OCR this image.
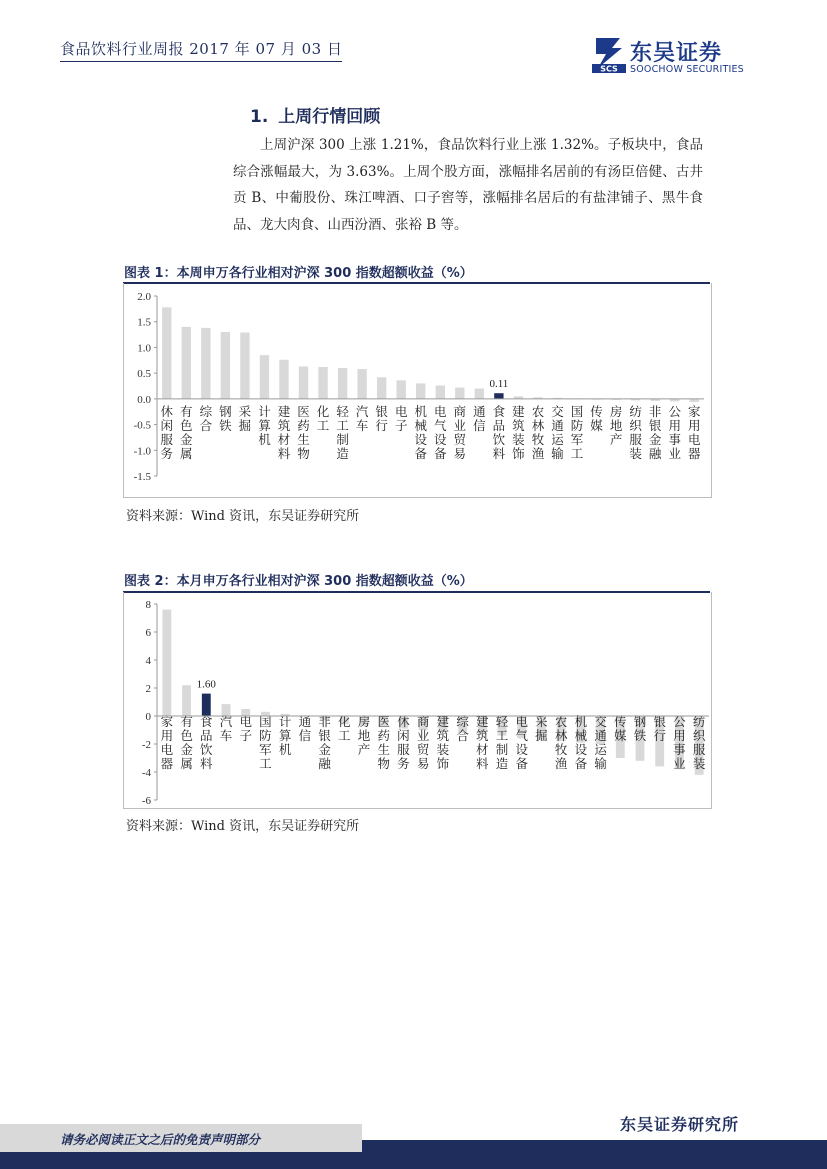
食品饮料行业周报 2017 年 07 月 03 日
SCS
东吴证券
SOOCHOW SECURITIES
1. 上周行情回顾
上周沪深 300 上涨 1.21%，食品饮料行业上涨 1.32%。子板块中，食品综合涨幅最大，为 3.63%。上周个股方面，涨幅排名居前的有汤臣倍健、古井贡 B、中葡股份、珠江啤酒、口子窖等，涨幅排名居后的有盐津铺子、黑牛食品、龙大肉食、山西汾酒、张裕 B 等。
图表 1：本周申万各行业相对沪深 300 指数超额收益（%）
2.0
1.5
1.0
0.5
0.0
-0.5
-1.0
-1.5
休
闲
服
务
有
色
金
属
综
合
钢
铁
采
掘
计
算
机
建
筑
材
料
医
药
生
物
化
工
轻
工
制
造
汽
车
银
行
电
子
机
械
设
备
电
气
设
备
商
业
贸
易
通
信
0.11
食
品
饮
料
建
筑
装
饰
农
林
牧
渔
交
通
运
输
国
防
军
工
传
媒
房
地
产
纺
织
服
装
非
银
金
融
公
用
事
业
家
用
电
器
资料来源：Wind 资讯，东吴证券研究所
图表 2：本月申万各行业相对沪深 300 指数超额收益（%）
8
6
4
2
0
-2
-4
-6
家
用
电
器
有
色
金
属
1.60
食
品
饮
料
汽
车
电
子
国
防
军
工
计
算
机
通
信
非
银
金
融
化
工
房
地
产
医
药
生
物
休
闲
服
务
商
业
贸
易
建
筑
装
饰
综
合
建
筑
材
料
轻
工
制
造
电
气
设
备
采
掘
农
林
牧
渔
机
械
设
备
交
通
运
输
传
媒
钢
铁
银
行
公
用
事
业
纺
织
服
装
资料来源：Wind 资讯，东吴证券研究所
东吴证券研究所
请务必阅读正文之后的免责声明部分
